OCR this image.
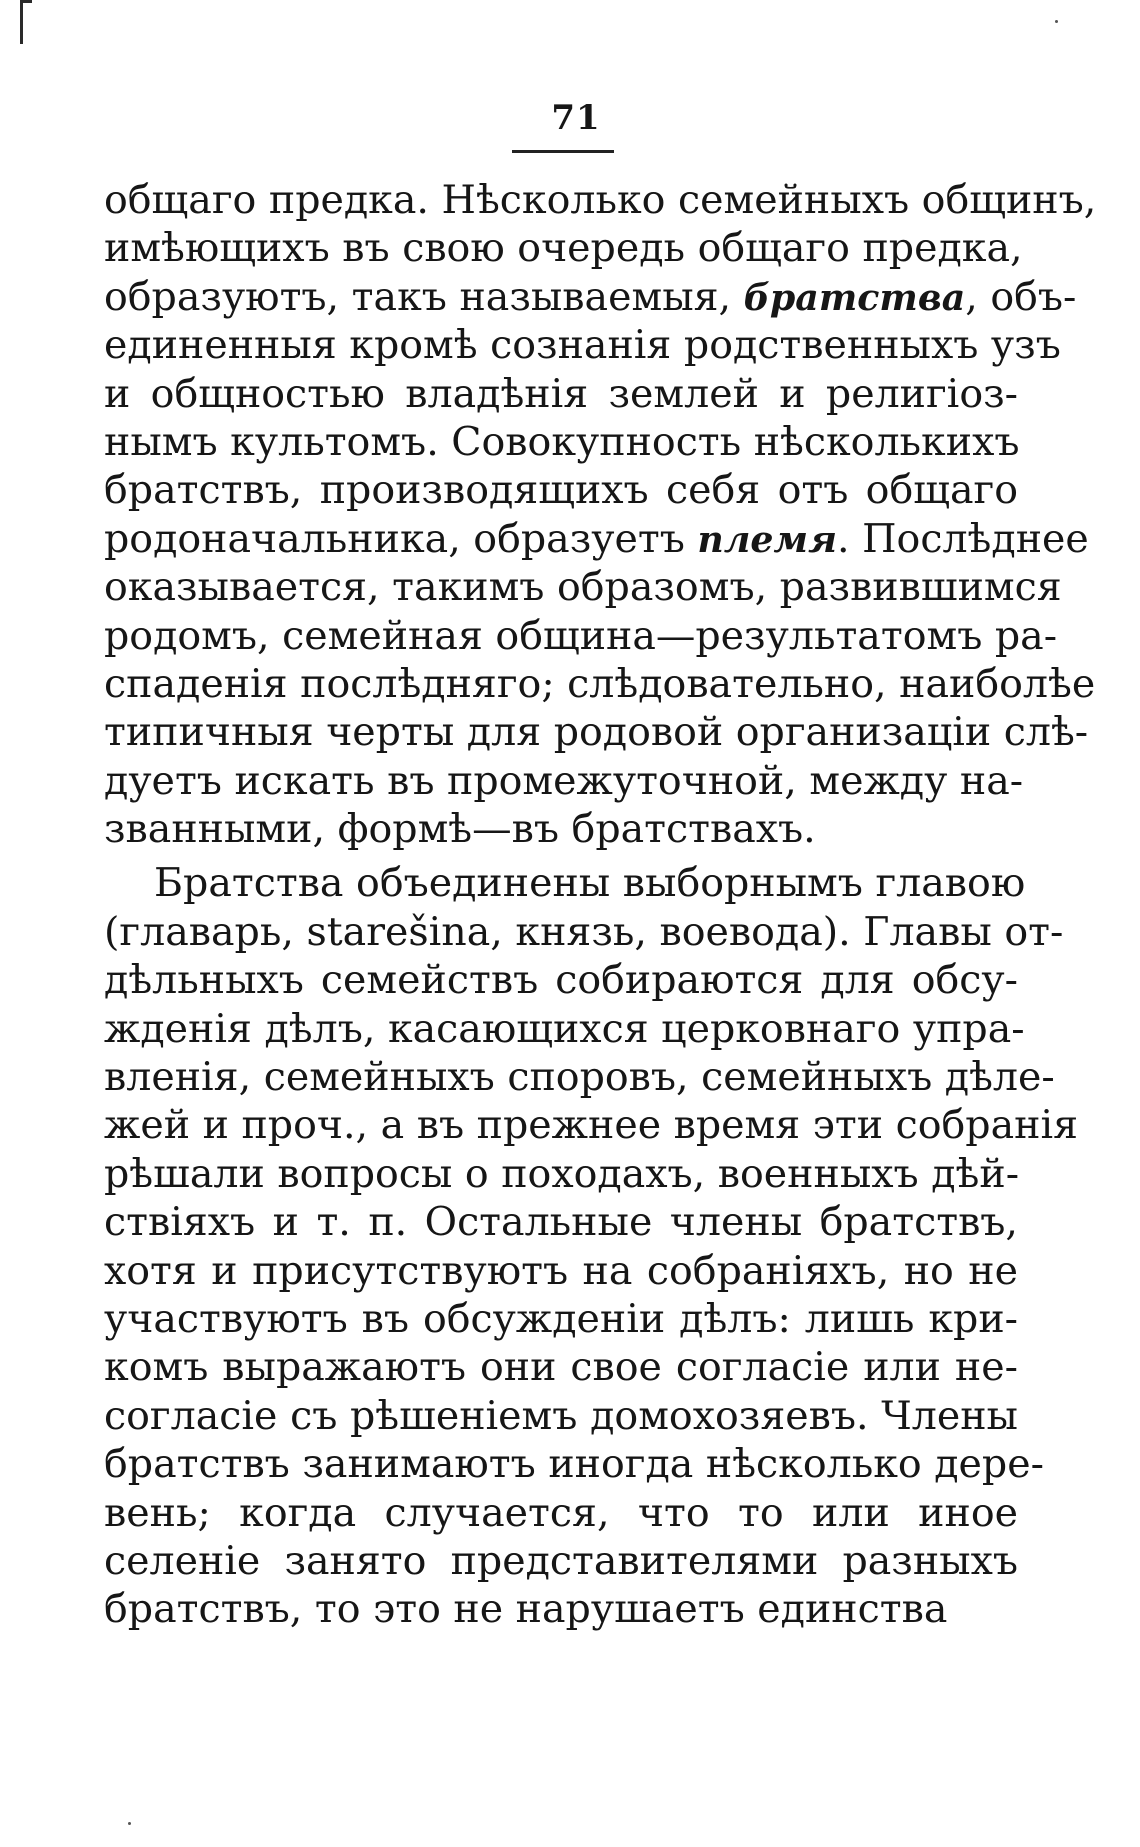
71
общаго предка. Нѣсколько семейныхъ общинъ,
имѣющихъ въ свою очередь общаго предка,
образуютъ, такъ называемыя, братства, объ-
единенныя кромѣ сознанія родственныхъ узъ
и общностью владѣнія землей и религіоз-
нымъ культомъ. Совокупность нѣсколькихъ
братствъ, производящихъ себя отъ общаго
родоначальника, образуетъ племя. Послѣднее
оказывается, такимъ образомъ, развившимся
родомъ, семейная община—результатомъ ра-
спаденія послѣдняго; слѣдовательно, наиболѣе
типичныя черты для родовой организаціи слѣ-
дуетъ искать въ промежуточной, между на-
званными, формѣ—въ братствахъ.
Братства объединены выборнымъ главою
(главарь, starešina, князь, воевода). Главы от-
дѣльныхъ семействъ собираются для обсу-
жденія дѣлъ, касающихся церковнаго упра-
вленія, семейныхъ споровъ, семейныхъ дѣле-
жей и проч., а въ прежнее время эти собранія
рѣшали вопросы о походахъ, военныхъ дѣй-
ствіяхъ и т. п. Остальные члены братствъ,
хотя и присутствуютъ на собраніяхъ, но не
участвуютъ въ обсужденіи дѣлъ: лишь кри-
комъ выражаютъ они свое согласіе или не-
согласіе съ рѣшеніемъ домохозяевъ. Члены
братствъ занимаютъ иногда нѣсколько дере-
вень; когда случается, что то или иное
селеніе занято представителями разныхъ
братствъ, то это не нарушаетъ единства
